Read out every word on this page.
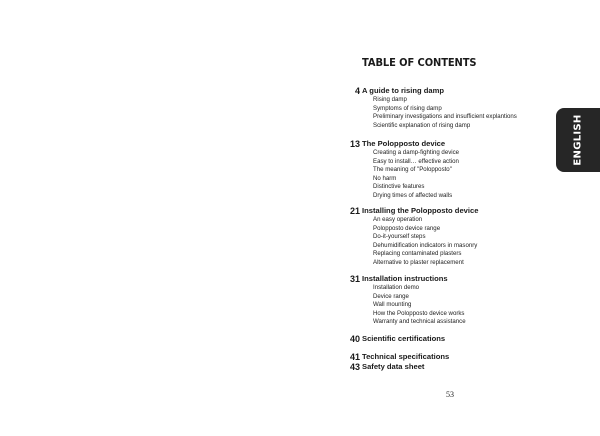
TABLE OF CONTENTS
4 A guide to rising damp
Rising damp
Symptoms of rising damp
Preliminary investigations and insufficient explantions
Scientific explanation of rising damp
13 The Polopposto device
Creating a damp-fighting device
Easy to install… effective action
The meaning of "Polopposto"
No harm
Distinctive features
Drying times of affected walls
21 Installing the Polopposto device
An easy operation
Polopposto device range
Do-it-yourself steps
Dehumidification indicators in masonry
Replacing contaminated plasters
Alternative to plaster replacement
31 Installation instructions
Installation demo
Device range
Wall mounting
How the Polopposto device works
Warranty and technical assistance
40 Scientific certifications
41 Technical specifications
43 Safety data sheet
ENGLISH
53
